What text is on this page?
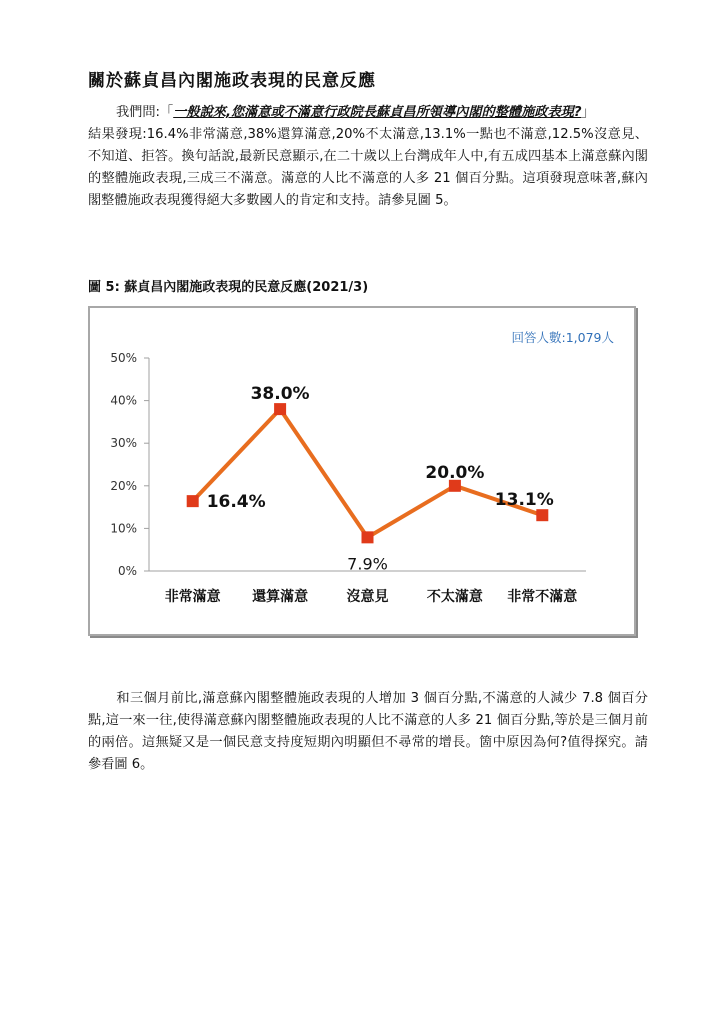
關於蘇貞昌內閣施政表現的民意反應
我們問:「一般說來,您滿意或不滿意行政院長蘇貞昌所領導內閣的整體施政表現?」
結果發現:16.4%非常滿意,38%還算滿意,20%不太滿意,13.1%一點也不滿意,12.5%沒意見、不知道、拒答。換句話說,最新民意顯示,在二十歲以上台灣成年人中,有五成四基本上滿意蘇內閣的整體施政表現,三成三不滿意。滿意的人比不滿意的人多 21 個百分點。這項發現意味著,蘇內閣整體施政表現獲得絕大多數國人的肯定和支持。請參見圖 5。
圖 5: 蘇貞昌內閣施政表現的民意反應(2021/3)
回答人數:1,079人
0%
10%
20%
30%
40%
50%
非常滿意 還算滿意	沒意見	不太滿意 非常不滿意
16.4%
38.0%
7.9%
20.0%
13.1%
和三個月前比,滿意蘇內閣整體施政表現的人增加 3 個百分點,不滿意的人減少 7.8 個百分點,這一來一往,使得滿意蘇內閣整體施政表現的人比不滿意的人多 21 個百分點,等於是三個月前的兩倍。這無疑又是一個民意支持度短期內明顯但不尋常的增長。箇中原因為何?值得探究。請參看圖 6。
